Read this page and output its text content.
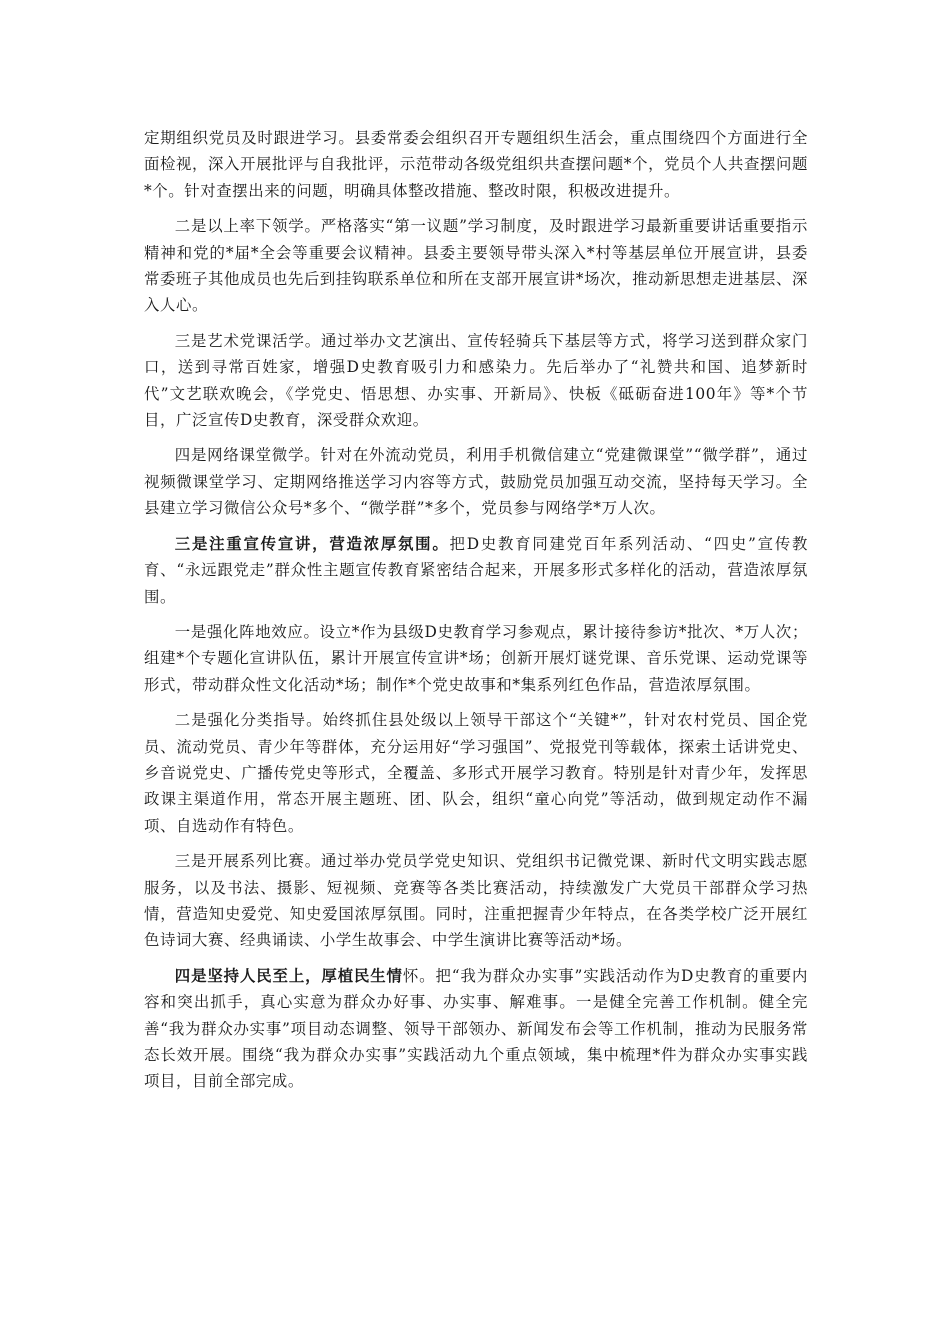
定期组织党员及时跟进学习。县委常委会组织召开专题组织生活会，重点围绕四个方面进行全面检视，深入开展批评与自我批评，示范带动各级党组织共查摆问题*个，党员个人共查摆问题*个。针对查摆出来的问题，明确具体整改措施、整改时限，积极改进提升。

二是以上率下领学。严格落实“第一议题”学习制度，及时跟进学习最新重要讲话重要指示精神和党的*届*全会等重要会议精神。县委主要领导带头深入*村等基层单位开展宣讲，县委常委班子其他成员也先后到挂钩联系单位和所在支部开展宣讲*场次，推动新思想走进基层、深入人心。

三是艺术党课活学。通过举办文艺演出、宣传轻骑兵下基层等方式，将学习送到群众家门口，送到寻常百姓家，增强D史教育吸引力和感染力。先后举办了“礼赞共和国、追梦新时代”文艺联欢晚会，《学党史、悟思想、办实事、开新局》、快板《砥砺奋进100年》等*个节目，广泛宣传D史教育，深受群众欢迎。

四是网络课堂微学。针对在外流动党员，利用手机微信建立“党建微课堂”“微学群”，通过视频微课堂学习、定期网络推送学习内容等方式，鼓励党员加强互动交流，坚持每天学习。全县建立学习微信公众号*多个、“微学群”*多个，党员参与网络学*万人次。

三是注重宣传宣讲，营造浓厚氛围。把D史教育同建党百年系列活动、“四史”宣传教育、“永远跟党走”群众性主题宣传教育紧密结合起来，开展多形式多样化的活动，营造浓厚氛围。

一是强化阵地效应。设立*作为县级D史教育学习参观点，累计接待参访*批次、*万人次；组建*个专题化宣讲队伍，累计开展宣传宣讲*场；创新开展灯谜党课、音乐党课、运动党课等形式，带动群众性文化活动*场；制作*个党史故事和*集系列红色作品，营造浓厚氛围。

二是强化分类指导。始终抓住县处级以上领导干部这个“关键*”，针对农村党员、国企党员、流动党员、青少年等群体，充分运用好“学习强国”、党报党刊等载体，探索土话讲党史、乡音说党史、广播传党史等形式，全覆盖、多形式开展学习教育。特别是针对青少年，发挥思政课主渠道作用，常态开展主题班、团、队会，组织“童心向党”等活动，做到规定动作不漏项、自选动作有特色。

三是开展系列比赛。通过举办党员学党史知识、党组织书记微党课、新时代文明实践志愿服务，以及书法、摄影、短视频、竞赛等各类比赛活动，持续激发广大党员干部群众学习热情，营造知史爱党、知史爱国浓厚氛围。同时，注重把握青少年特点，在各类学校广泛开展红色诗词大赛、经典诵读、小学生故事会、中学生演讲比赛等活动*场。

四是坚持人民至上，厚植民生情怀。把“我为群众办实事”实践活动作为D史教育的重要内容和突出抓手，真心实意为群众办好事、办实事、解难事。一是健全完善工作机制。健全完善“我为群众办实事”项目动态调整、领导干部领办、新闻发布会等工作机制，推动为民服务常态长效开展。围绕“我为群众办实事”实践活动九个重点领域，集中梳理*件为群众办实事实践项目，目前全部完成。
